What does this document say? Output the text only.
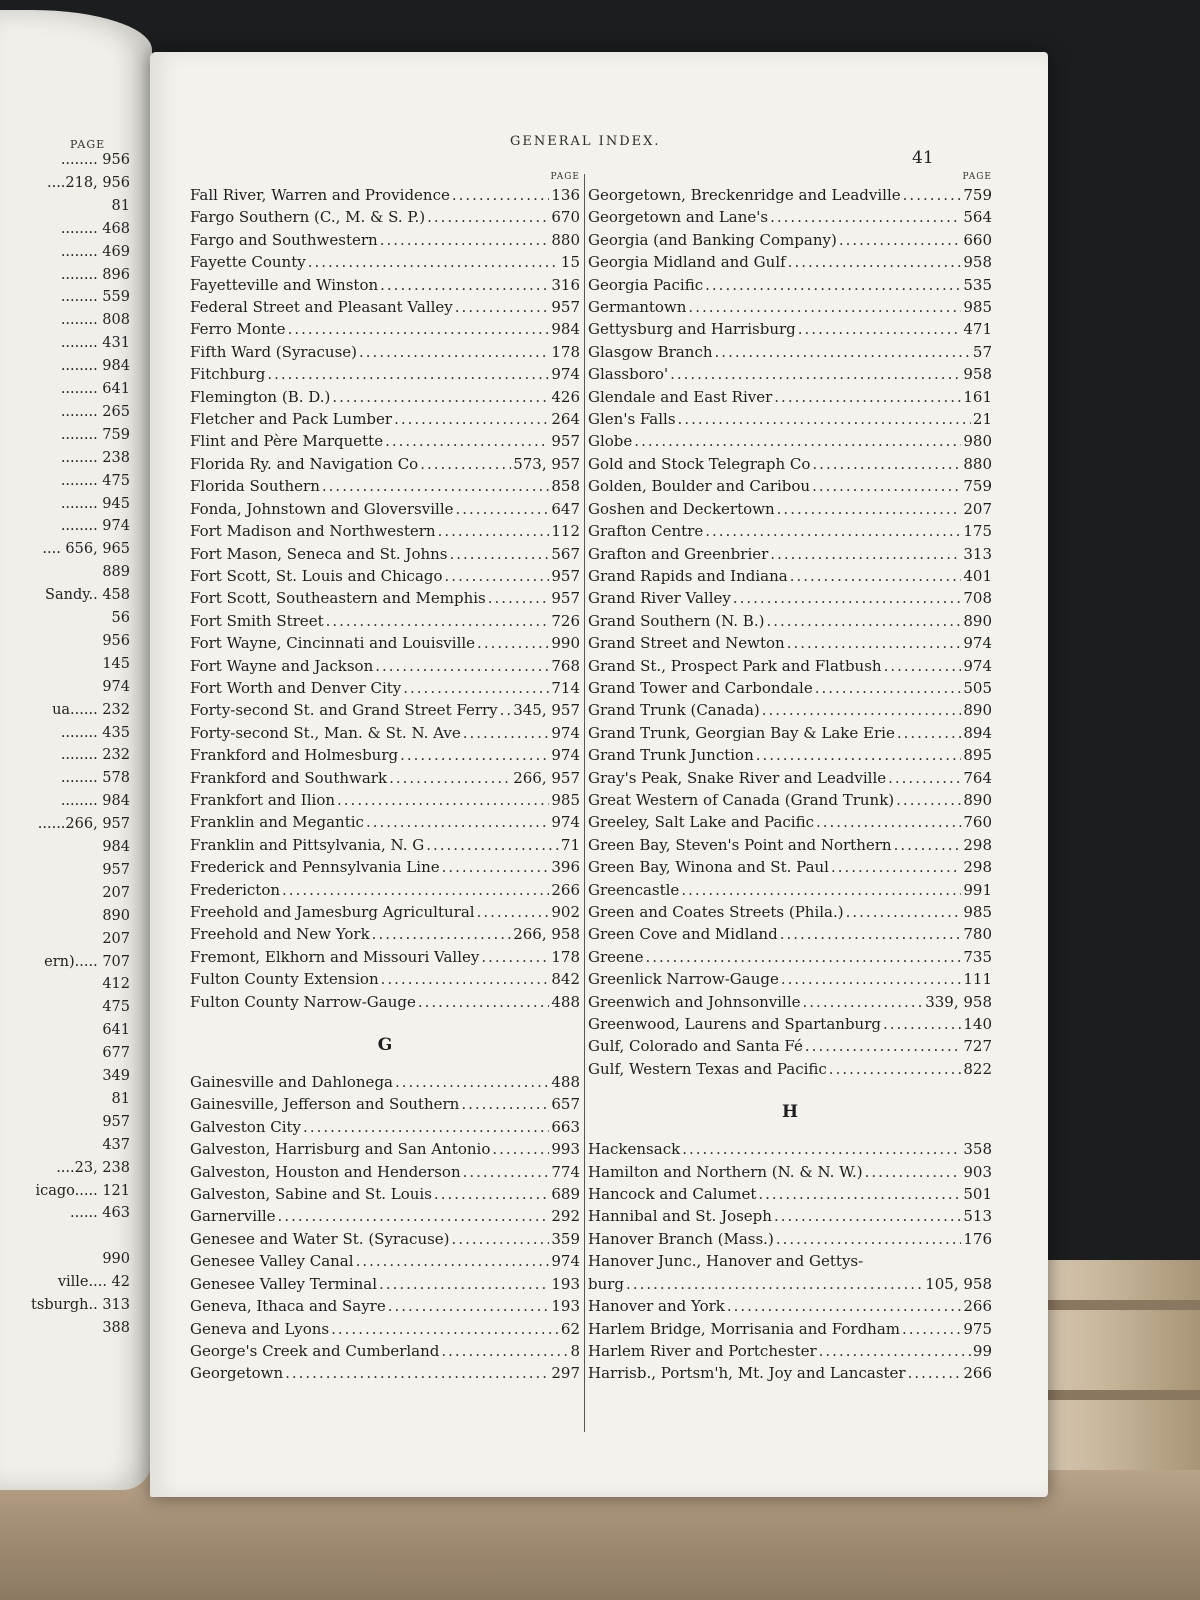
PAGE
........ 956
....218, 956
81
........ 468
........ 469
........ 896
........ 559
........ 808
........ 431
........ 984
........ 641
........ 265
........ 759
........ 238
........ 475
........ 945
........ 974
.... 656, 965
889
Sandy.. 458
56
956
145
974
ua...... 232
........ 435
........ 232
........ 578
........ 984
......266, 957
984
957
207
890
207
ern)..... 707
412
475
641
677
349
81
957
437
....23, 238
icago..... 121
...... 463
990
ville.... 42
tsburgh.. 313
388
GENERAL INDEX.
41
PAGE
Fall River, Warren and Providence .....	136
Fargo Southern (C., M. & S. P.) .....	670
Fargo and Southwestern .....	880
Fayette County .....	15
Fayetteville and Winston .....	316
Federal Street and Pleasant Valley .....	957
Ferro Monte .....	984
Fifth Ward (Syracuse) .....	178
Fitchburg .....	974
Flemington (B. D.) .....	426
Fletcher and Pack Lumber .....	264
Flint and Père Marquette .....	957
Florida Ry. and Navigation Co .....	573, 957
Florida Southern .....	858
Fonda, Johnstown and Gloversville .....	647
Fort Madison and Northwestern .....	112
Fort Mason, Seneca and St. Johns .....	567
Fort Scott, St. Louis and Chicago .....	957
Fort Scott, Southeastern and Memphis .....	957
Fort Smith Street .....	726
Fort Wayne, Cincinnati and Louisville .....	990
Fort Wayne and Jackson .....	768
Fort Worth and Denver City .....	714
Forty-second St. and Grand Street Ferry ..... 345, 957
Forty-second St., Man. & St. N. Ave .....	974
Frankford and Holmesburg .....	974
Frankford and Southwark .....	266, 957
Frankfort and Ilion .....	985
Franklin and Megantic .....	974
Franklin and Pittsylvania, N. G .....	71
Frederick and Pennsylvania Line .....	396
Fredericton .....	266
Freehold and Jamesburg Agricultural .....	902
Freehold and New York .....	266, 958
Fremont, Elkhorn and Missouri Valley .....	178
Fulton County Extension .....	842
Fulton County Narrow-Gauge .....	488
G
Gainesville and Dahlonega .....	488
Gainesville, Jefferson and Southern .....	657
Galveston City .....	663
Galveston, Harrisburg and San Antonio .....	993
Galveston, Houston and Henderson .....	774
Galveston, Sabine and St. Louis .....	689
Garnerville .....	292
Genesee and Water St. (Syracuse) .....	359
Genesee Valley Canal .....	974
Genesee Valley Terminal .....	193
Geneva, Ithaca and Sayre .....	193
Geneva and Lyons .....	62
George's Creek and Cumberland .....	8
Georgetown .....	297
PAGE
Georgetown, Breckenridge and Leadville .....	759
Georgetown and Lane's .....	564
Georgia (and Banking Company) .....	660
Georgia Midland and Gulf .....	958
Georgia Pacific .....	535
Germantown .....	985
Gettysburg and Harrisburg .....	471
Glasgow Branch .....	57
Glassboro' .....	958
Glendale and East River .....	161
Glen's Falls .....	21
Globe .....	980
Gold and Stock Telegraph Co .....	880
Golden, Boulder and Caribou .....	759
Goshen and Deckertown .....	207
Grafton Centre .....	175
Grafton and Greenbrier .....	313
Grand Rapids and Indiana .....	401
Grand River Valley .....	708
Grand Southern (N. B.) .....	890
Grand Street and Newton .....	974
Grand St., Prospect Park and Flatbush .....	974
Grand Tower and Carbondale .....	505
Grand Trunk (Canada) .....	890
Grand Trunk, Georgian Bay & Lake Erie .....	894
Grand Trunk Junction .....	895
Gray's Peak, Snake River and Leadville .....	764
Great Western of Canada (Grand Trunk) .....	890
Greeley, Salt Lake and Pacific .....	760
Green Bay, Steven's Point and Northern .....	298
Green Bay, Winona and St. Paul .....	298
Greencastle .....	991
Green and Coates Streets (Phila.) .....	985
Green Cove and Midland .....	780
Greene .....	735
Greenlick Narrow-Gauge .....	111
Greenwich and Johnsonville .....	339, 958
Greenwood, Laurens and Spartanburg .....	140
Gulf, Colorado and Santa Fé .....	727
Gulf, Western Texas and Pacific .....	822
H
Hackensack .....	358
Hamilton and Northern (N. & N. W.) .....	903
Hancock and Calumet .....	501
Hannibal and St. Joseph .....	513
Hanover Branch (Mass.) .....	176
Hanover Junc., Hanover and Gettys-
burg .....	105, 958
Hanover and York .....	266
Harlem Bridge, Morrisania and Fordham .....	975
Harlem River and Portchester .....	99
Harrisb., Portsm'h, Mt. Joy and Lancaster .....	266
